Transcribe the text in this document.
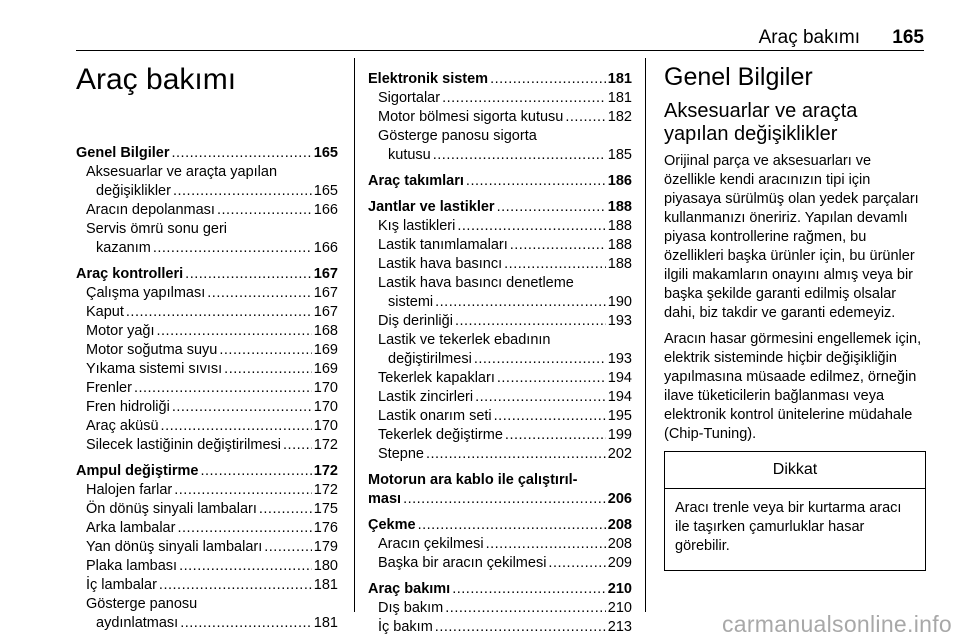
Araç bakımı 165
Araç bakımı
Genel Bilgiler .....	165
Aksesuarlar ve araçta yapılan
değişiklikler .....	165
Aracın depolanması .....	166
Servis ömrü sonu geri
kazanım .....	166
Araç kontrolleri .....	167
Çalışma yapılması .....	167
Kaput .....	167
Motor yağı .....	168
Motor soğutma suyu .....	169
Yıkama sistemi sıvısı .....	169
Frenler .....	170
Fren hidroliği .....	170
Araç aküsü .....	170
Silecek lastiğinin değiştirilmesi ..... 172
Ampul değiştirme .....	172
Halojen farlar .....	172
Ön dönüş sinyali lambaları .....	175
Arka lambalar .....	176
Yan dönüş sinyali lambaları .....	179
Plaka lambası .....	180
İç lambalar .....	181
Gösterge panosu
aydınlatması .....	181
Elektronik sistem .....	181
Sigortalar .....	181
Motor bölmesi sigorta kutusu .....	182
Gösterge panosu sigorta
kutusu .....	185
Araç takımları .....	186
Jantlar ve lastikler .....	188
Kış lastikleri .....	188
Lastik tanımlamaları .....	188
Lastik hava basıncı .....	188
Lastik hava basıncı denetleme
sistemi .....	190
Diş derinliği .....	193
Lastik ve tekerlek ebadının
değiştirilmesi .....	193
Tekerlek kapakları .....	194
Lastik zincirleri .....	194
Lastik onarım seti .....	195
Tekerlek değiştirme .....	199
Stepne .....	202
Motorun ara kablo ile çalıştırıl-
ması .....	206
Çekme .....	208
Aracın çekilmesi .....	208
Başka bir aracın çekilmesi .....	209
Araç bakımı .....	210
Dış bakım .....	210
İç bakım .....	213
Genel Bilgiler
Aksesuarlar ve araçta yapılan değişiklikler

Orijinal parça ve aksesuarları ve özellikle kendi aracınızın tipi için piyasaya sürülmüş olan yedek parçaları kullanmanızı öneririz. Yapılan devamlı piyasa kontrollerine rağmen, bu özellikleri başka ürünler için, bu ürünler ilgili makamların onayını almış veya bir başka şekilde garanti edilmiş olsalar dahi, biz takdir ve garanti edemeyiz.

Aracın hasar görmesini engellemek için, elektrik sisteminde hiçbir değişikliğin yapılmasına müsaade edilmez, örneğin ilave tüketicilerin bağlanması veya elektronik kontrol ünitelerine müdahale (Chip-Tuning).

Dikkat
Aracı trenle veya bir kurtarma aracı ile taşırken çamurluklar hasar görebilir.
carmanualsonline.info
